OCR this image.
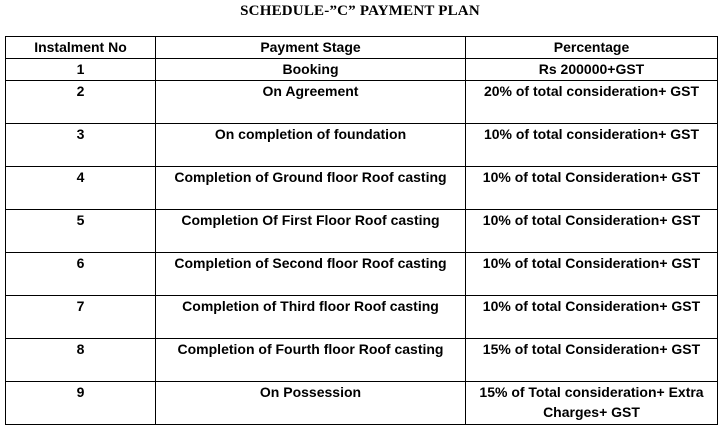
SCHEDULE-”C” PAYMENT PLAN
Instalment No	Payment Stage	Percentage
1	Booking	Rs 200000+GST
2	On Agreement	20% of total consideration+ GST
3	On completion of foundation	10% of total consideration+ GST
4	Completion of Ground floor Roof casting	10% of total Consideration+ GST
5	Completion Of First Floor Roof casting	10% of total Consideration+ GST
6	Completion of Second floor Roof casting	10% of total Consideration+ GST
7	Completion of Third floor Roof casting	10% of total Consideration+ GST
8	Completion of Fourth floor Roof casting	15% of total Consideration+ GST
9	On Possession	15% of Total consideration+ Extra Charges+ GST
